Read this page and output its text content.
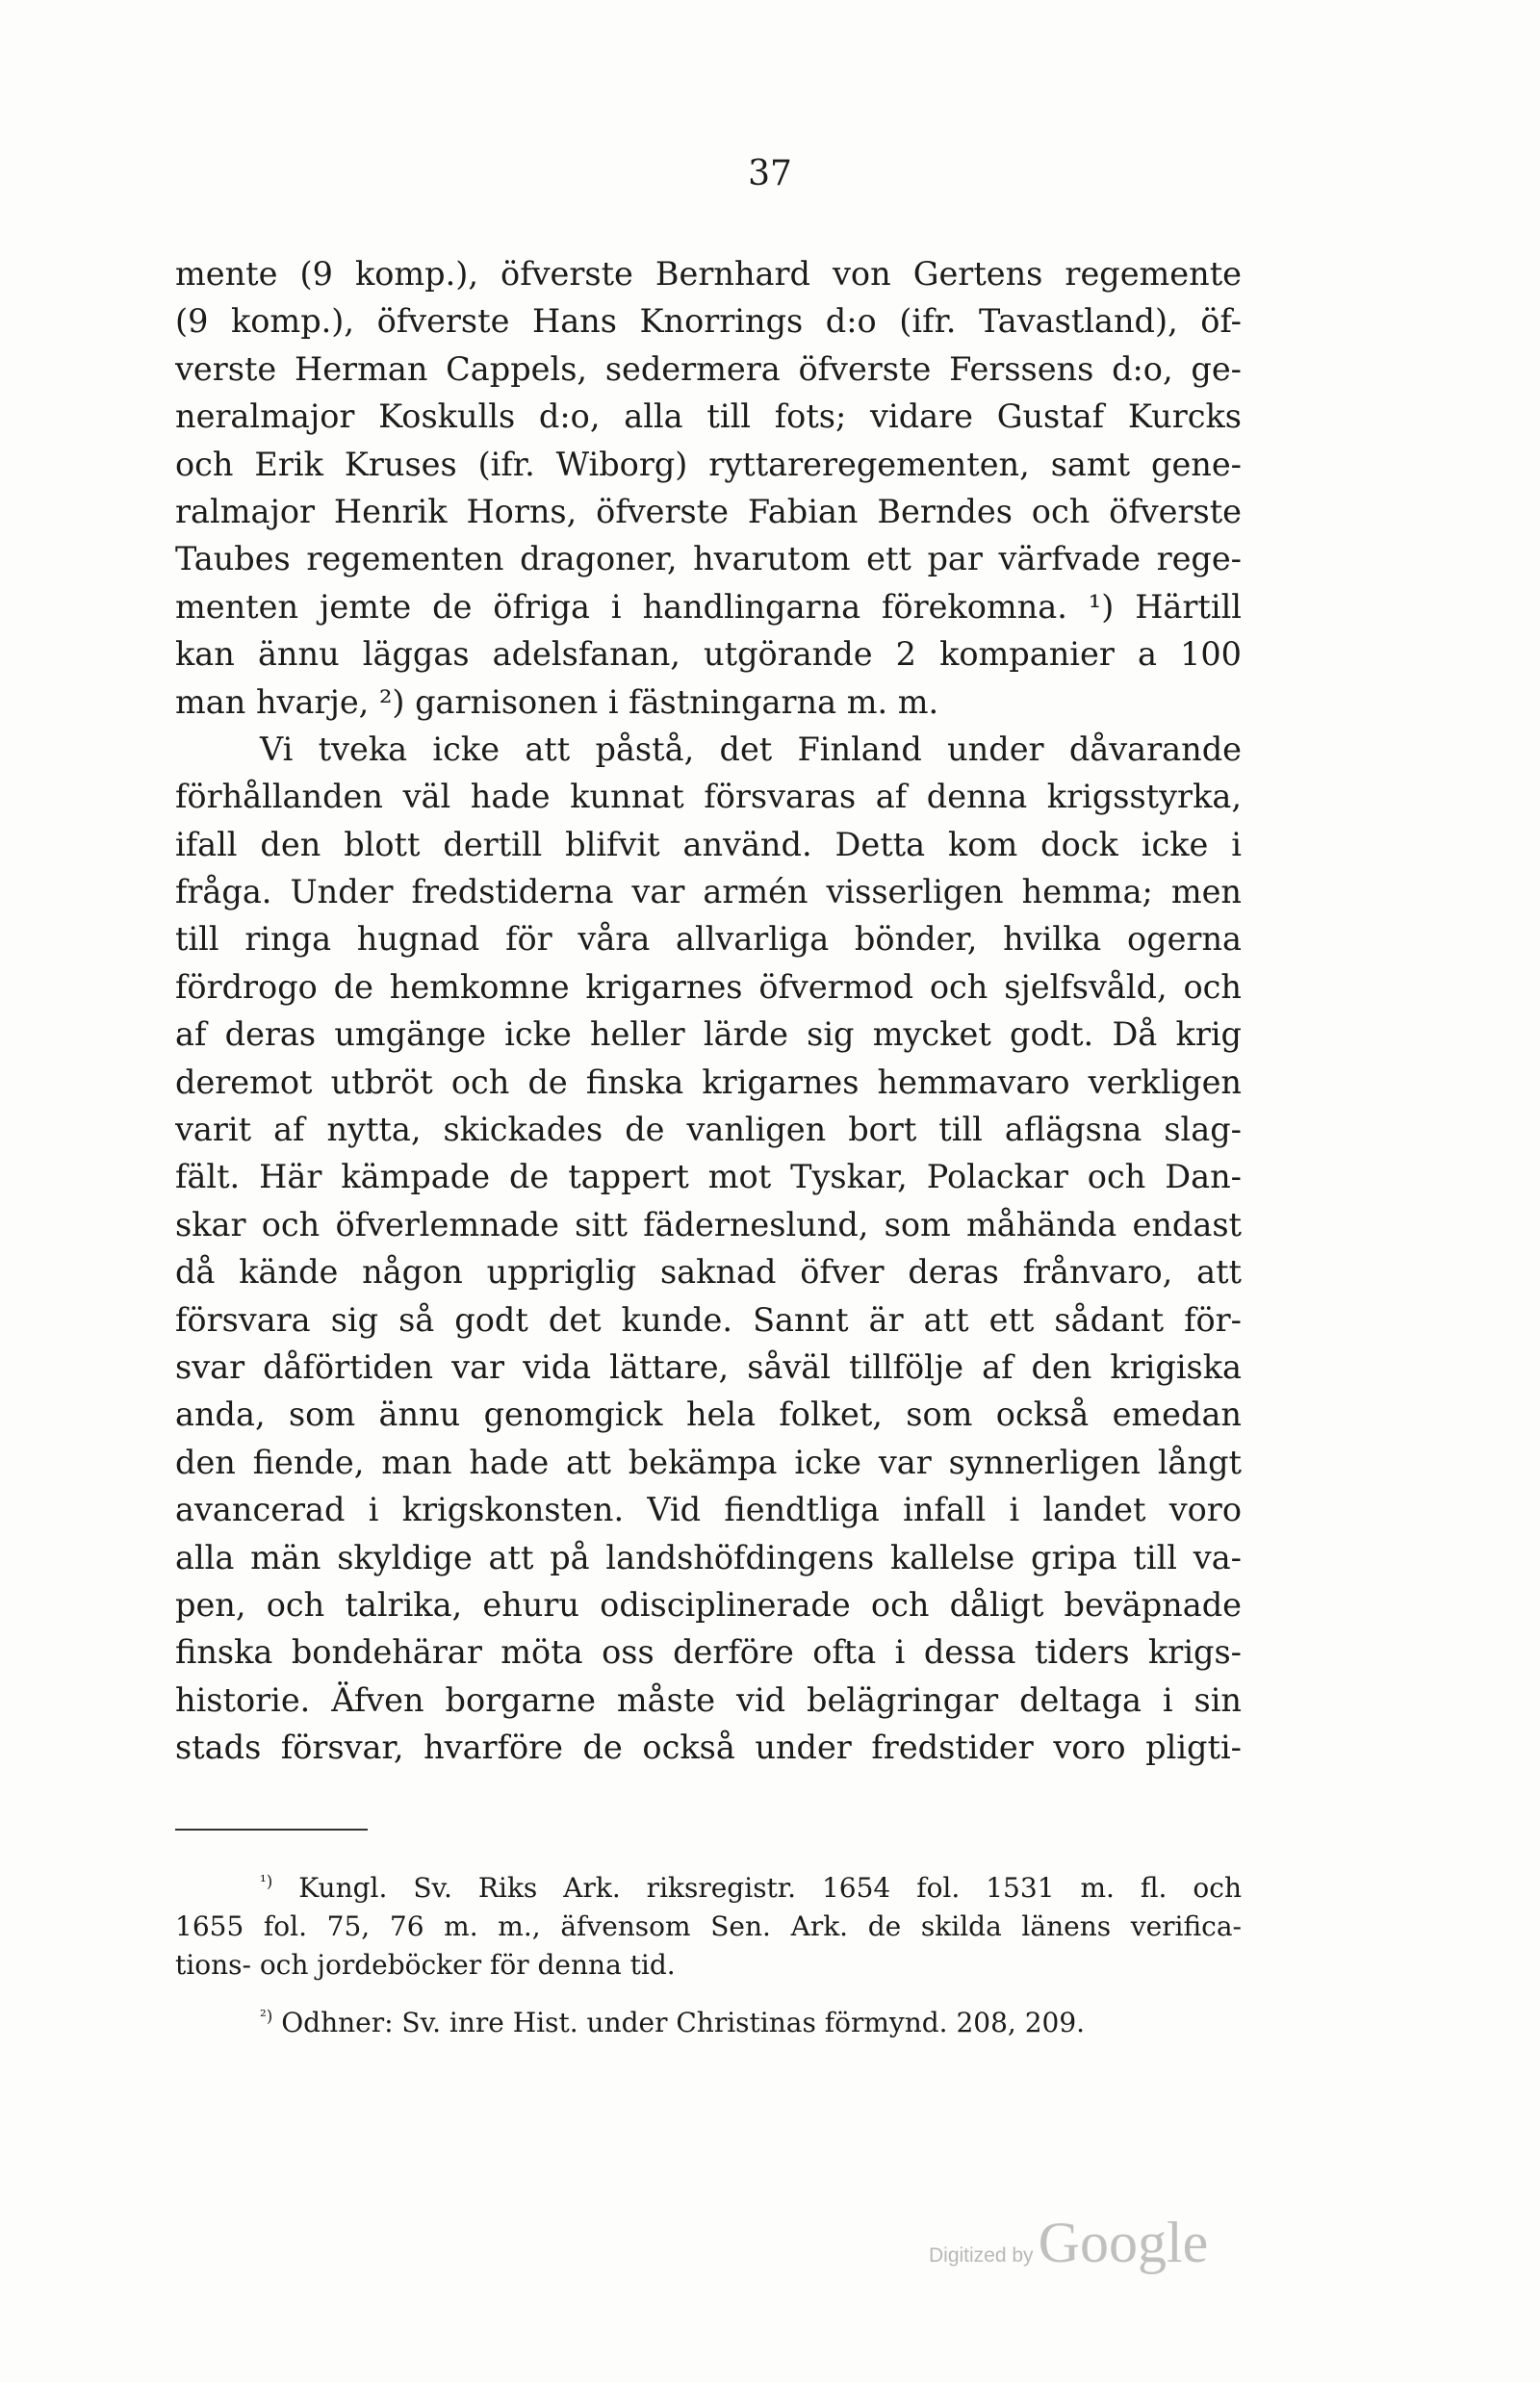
37
mente (9 komp.), öfverste Bernhard von Gertens regemente
(9 komp.), öfverste Hans Knorrings d:o (ifr. Tavastland), öf-
verste Herman Cappels, sedermera öfverste Ferssens d:o, ge-
neralmajor Koskulls d:o, alla till fots; vidare Gustaf Kurcks
och Erik Kruses (ifr. Wiborg) ryttareregementen, samt gene-
ralmajor Henrik Horns, öfverste Fabian Berndes och öfverste
Taubes regementen dragoner, hvarutom ett par värfvade rege-
menten jemte de öfriga i handlingarna förekomna. ¹) Härtill
kan ännu läggas adelsfanan, utgörande 2 kompanier a 100
man hvarje, ²) garnisonen i fästningarna m. m.
Vi tveka icke att påstå, det Finland under dåvarande
förhållanden väl hade kunnat försvaras af denna krigsstyrka,
ifall den blott dertill blifvit använd. Detta kom dock icke i
fråga. Under fredstiderna var armén visserligen hemma; men
till ringa hugnad för våra allvarliga bönder, hvilka ogerna
fördrogo de hemkomne krigarnes öfvermod och sjelfsvåld, och
af deras umgänge icke heller lärde sig mycket godt. Då krig
deremot utbröt och de finska krigarnes hemmavaro verkligen
varit af nytta, skickades de vanligen bort till aflägsna slag-
fält. Här kämpade de tappert mot Tyskar, Polackar och Dan-
skar och öfverlemnade sitt fäderneslund, som måhända endast
då kände någon uppriglig saknad öfver deras frånvaro, att
försvara sig så godt det kunde. Sannt är att ett sådant för-
svar dåförtiden var vida lättare, såväl tillfölje af den krigiska
anda, som ännu genomgick hela folket, som också emedan
den fiende, man hade att bekämpa icke var synnerligen långt
avancerad i krigskonsten. Vid fiendtliga infall i landet voro
alla män skyldige att på landshöfdingens kallelse gripa till va-
pen, och talrika, ehuru odisciplinerade och dåligt beväpnade
finska bondehärar möta oss derföre ofta i dessa tiders krigs-
historie. Äfven borgarne måste vid belägringar deltaga i sin
stads försvar, hvarföre de också under fredstider voro pligti-
$^{^1)}$ Kungl. Sv. Riks Ark. riksregistr. 1654 fol. 1531 m. fl. och
1655 fol. 75, 76 m. m., äfvensom Sen. Ark. de skilda länens verifica-
tions- och jordeböcker för denna tid.
$^{^2)}$ Odhner: Sv. inre Hist. under Christinas förmynd. 208, 209.
Digitized by Google
